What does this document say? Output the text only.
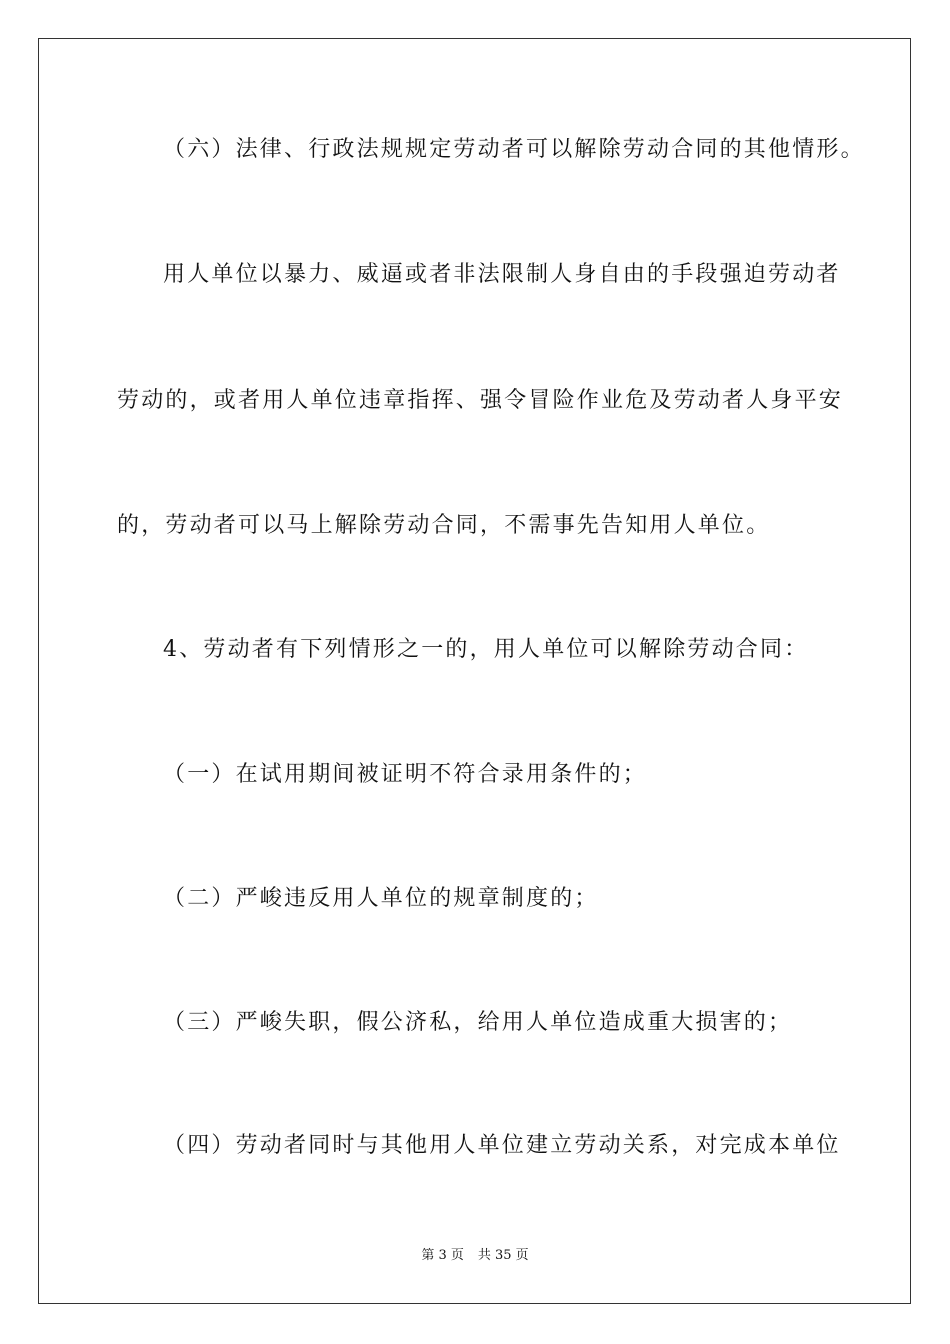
（六）法律、行政法规规定劳动者可以解除劳动合同的其他情形。
用人单位以暴力、威逼或者非法限制人身自由的手段强迫劳动者
劳动的，或者用人单位违章指挥、强令冒险作业危及劳动者人身平安
的，劳动者可以马上解除劳动合同，不需事先告知用人单位。
4、劳动者有下列情形之一的，用人单位可以解除劳动合同：
（一）在试用期间被证明不符合录用条件的；
（二）严峻违反用人单位的规章制度的；
（三）严峻失职，假公济私，给用人单位造成重大损害的；
（四）劳动者同时与其他用人单位建立劳动关系，对完成本单位
第 3 页 共 35 页
